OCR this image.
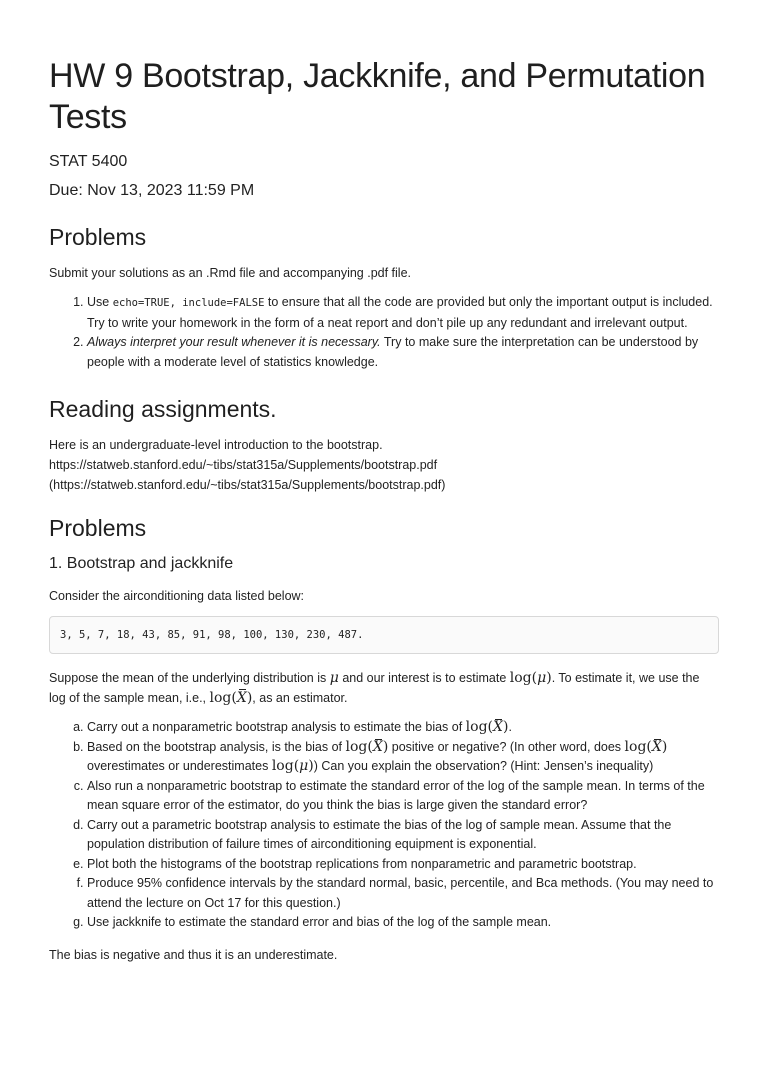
HW 9 Bootstrap, Jackknife, and Permutation Tests
STAT 5400
Due: Nov 13, 2023 11:59 PM
Problems

Submit your solutions as an .Rmd file and accompanying .pdf file.

1. Use echo=TRUE, include=FALSE to ensure that all the code are provided but only the important output is included. Try to write your homework in the form of a neat report and don’t pile up any redundant and irrelevant output.
2. Always interpret your result whenever it is necessary. Try to make sure the interpretation can be understood by people with a moderate level of statistics knowledge.
Reading assignments.

Here is an undergraduate-level introduction to the bootstrap.
https://statweb.stanford.edu/~tibs/stat315a/Supplements/bootstrap.pdf
(https://statweb.stanford.edu/~tibs/stat315a/Supplements/bootstrap.pdf)

Problems
1. Bootstrap and jackknife

Consider the airconditioning data listed below:

3, 5, 7, 18, 43, 85, 91, 98, 100, 130, 230, 487.

Suppose the mean of the underlying distribution is μ and our interest is to estimate log(μ). To estimate it, we use the log of the sample mean, i.e., log(X), as an estimator.

a. Carry out a nonparametric bootstrap analysis to estimate the bias of log(X).
b. Based on the bootstrap analysis, is the bias of log(X) positive or negative? (In other word, does log(X) overestimates or underestimates log(μ)) Can you explain the observation? (Hint: Jensen’s inequality)
c. Also run a nonparametric bootstrap to estimate the standard error of the log of the sample mean. In terms of the mean square error of the estimator, do you think the bias is large given the standard error?
d. Carry out a parametric bootstrap analysis to estimate the bias of the log of sample mean. Assume that the population distribution of failure times of airconditioning equipment is exponential.
e. Plot both the histograms of the bootstrap replications from nonparametric and parametric bootstrap.
f. Produce 95% confidence intervals by the standard normal, basic, percentile, and Bca methods. (You may need to attend the lecture on Oct 17 for this question.)
g. Use jackknife to estimate the standard error and bias of the log of the sample mean.

The bias is negative and thus it is an underestimate.
